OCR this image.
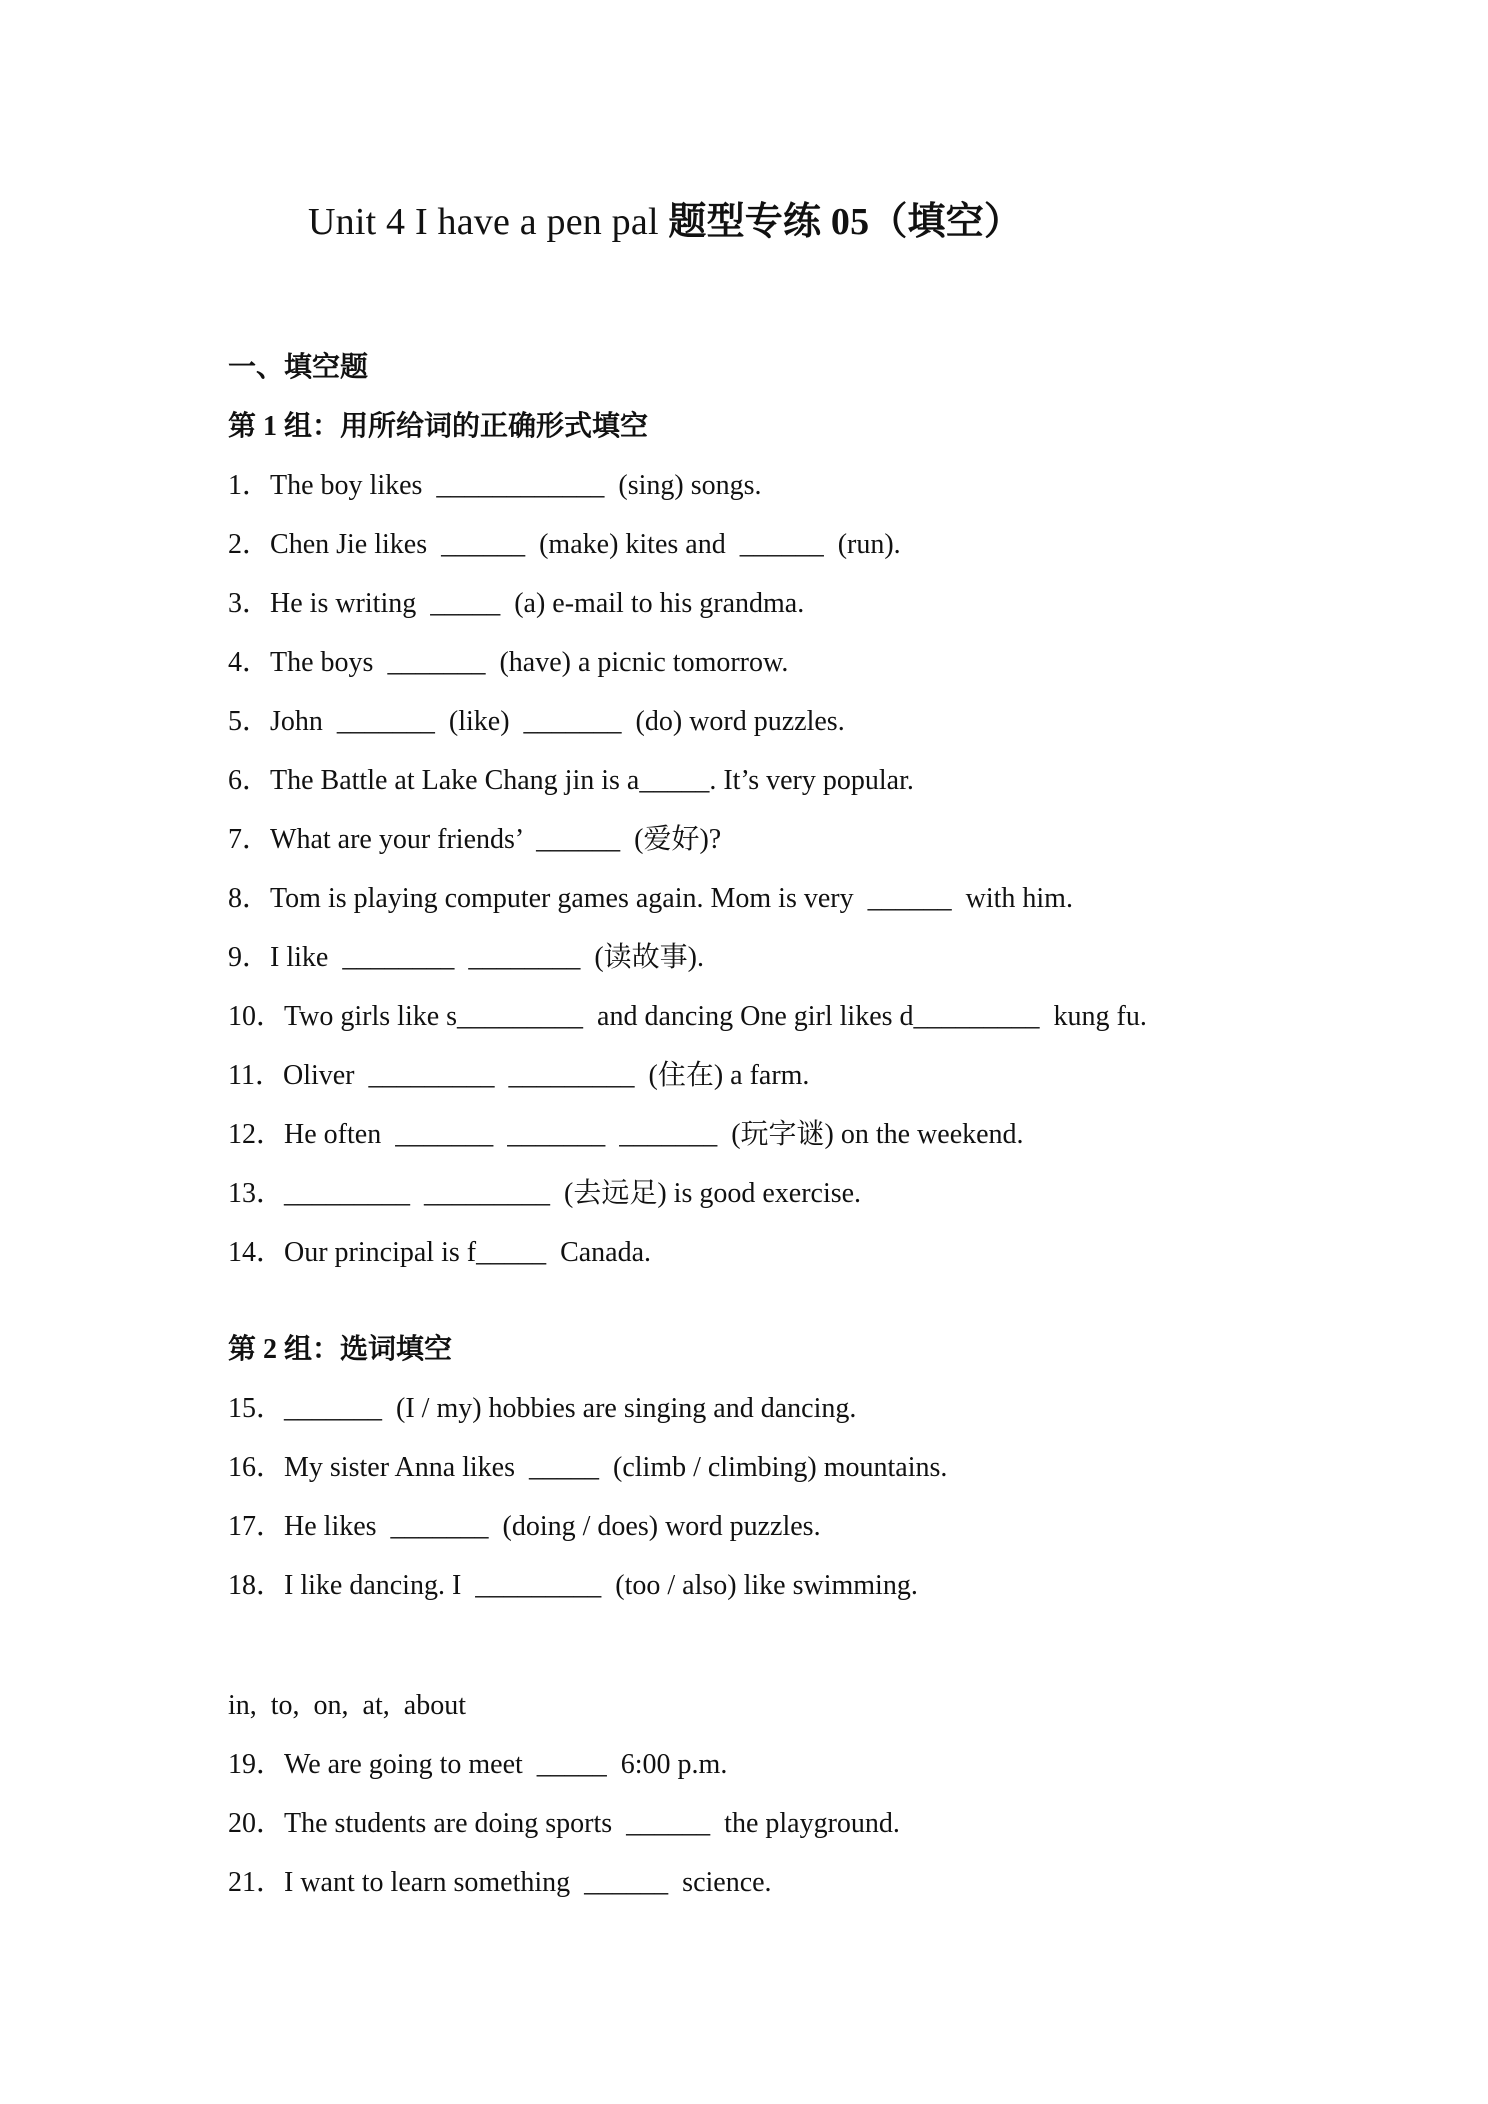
Unit 4 I have a pen pal 题型专练 05（填空）
一、填空题
第 1 组：用所给词的正确形式填空
1．The boy likes  ____________  (sing) songs.
2．Chen Jie likes  ______  (make) kites and  ______  (run).
3．He is writing  _____  (a) e-mail to his grandma.
4．The boys  _______  (have) a picnic tomorrow.
5．John  _______  (like)  _______  (do) word puzzles.
6．The Battle at Lake Chang jin is a_____. It’s very popular.
7．What are your friends’  ______  (爱好)?
8．Tom is playing computer games again. Mom is very  ______  with him.
9．I like  ________  ________  (读故事).
10．Two girls like s_________  and dancing One girl likes d_________  kung fu.
11．Oliver  _________  _________  (住在) a farm.
12．He often  _______  _______  _______  (玩字谜) on the weekend.
13．_________  _________  (去远足) is good exercise.
14．Our principal is f_____  Canada.
第 2 组：选词填空
15．_______  (I / my) hobbies are singing and dancing.
16．My sister Anna likes  _____  (climb / climbing) mountains.
17．He likes  _______  (doing / does) word puzzles.
18．I like dancing. I  _________  (too / also) like swimming.
in,  to,  on,  at,  about
19．We are going to meet  _____  6:00 p.m.
20．The students are doing sports  ______  the playground.
21．I want to learn something  ______  science.
